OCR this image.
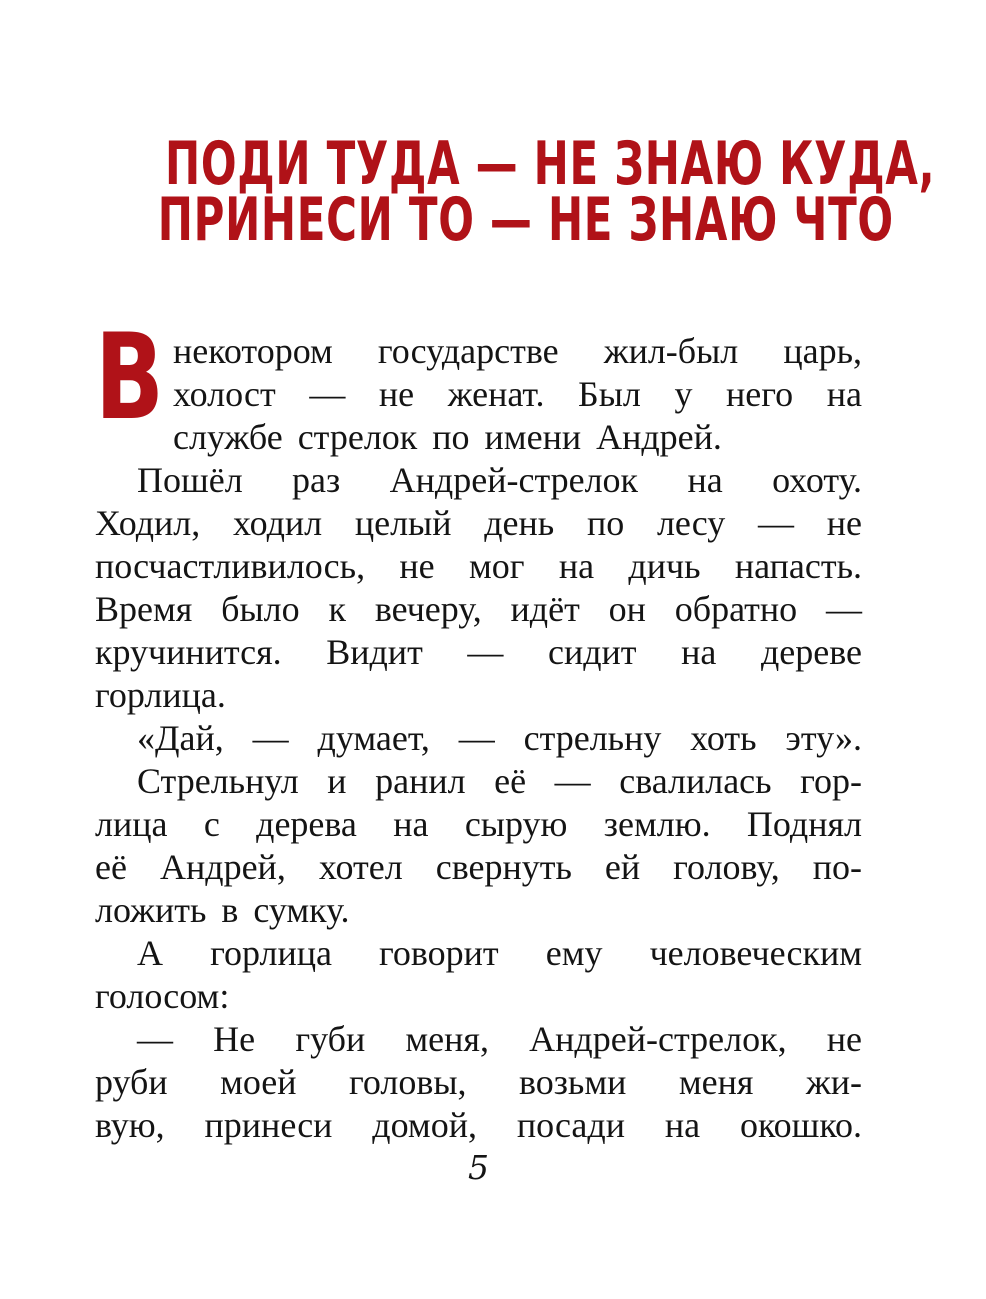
ПОДИ ТУДА — НЕ ЗНАЮ КУДА,
ПРИНЕСИ ТО — НЕ ЗНАЮ ЧТО
В некотором государстве жил-был царь,
холост — не женат. Был у него на
службе стрелок по имени Андрей.
Пошёл раз Андрей-стрелок на охоту.
Ходил, ходил целый день по лесу — не
посчастливилось, не мог на дичь напасть.
Время было к вечеру, идёт он обратно —
кручинится. Видит — сидит на дереве
горлица.
«Дай, — думает, — стрельну хоть эту».
Стрельнул и ранил её — свалилась гор-
лица с дерева на сырую землю. Поднял
её Андрей, хотел свернуть ей голову, по-
ложить в сумку.
А горлица говорит ему человеческим
голосом:
— Не губи меня, Андрей-стрелок, не
руби моей головы, возьми меня жи-
вую, принеси домой, посади на окошко.
5
